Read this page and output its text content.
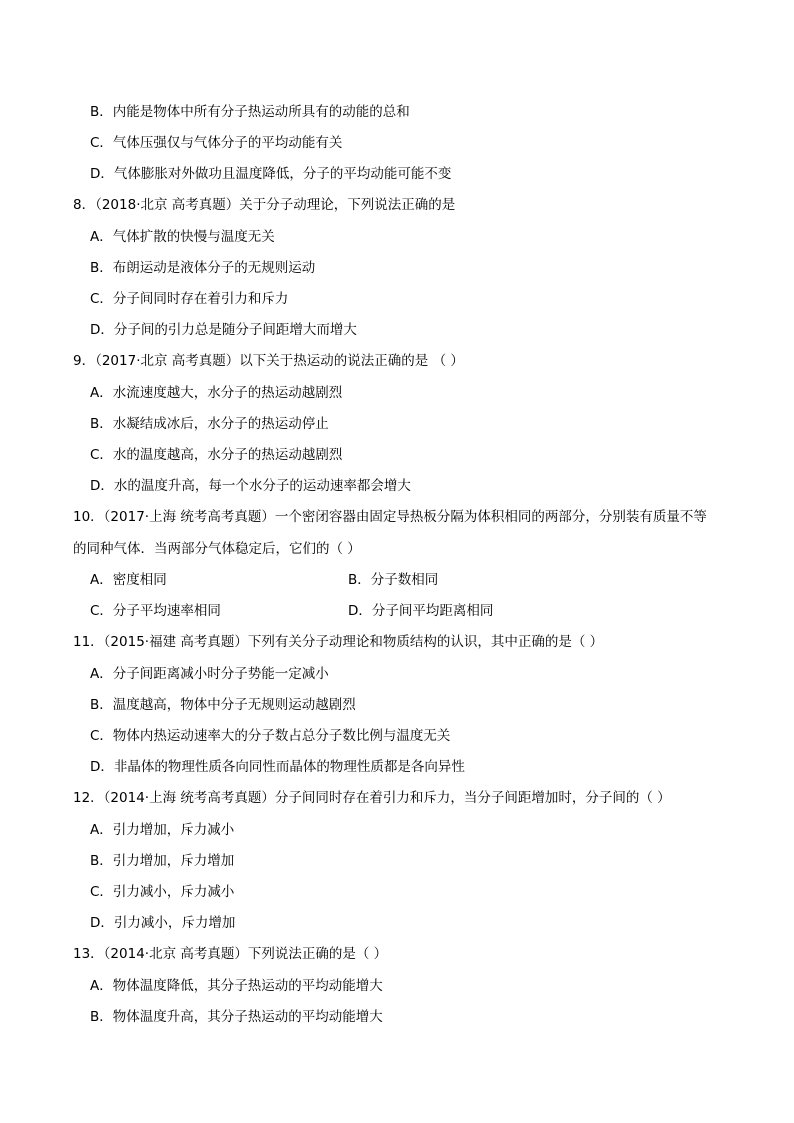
B．内能是物体中所有分子热运动所具有的动能的总和
C．气体压强仅与气体分子的平均动能有关
D．气体膨胀对外做功且温度降低，分子的平均动能可能不变
8．（2018·北京 高考真题）关于分子动理论，下列说法正确的是
A．气体扩散的快慢与温度无关
B．布朗运动是液体分子的无规则运动
C．分子间同时存在着引力和斥力
D．分子间的引力总是随分子间距增大而增大
9．（2017·北京 高考真题）以下关于热运动的说法正确的是 （ ）
A．水流速度越大，水分子的热运动越剧烈
B．水凝结成冰后，水分子的热运动停止
C．水的温度越高，水分子的热运动越剧烈
D．水的温度升高，每一个水分子的运动速率都会增大
10．（2017·上海 统考高考真题）一个密闭容器由固定导热板分隔为体积相同的两部分，分别装有质量不等
的同种气体．当两部分气体稳定后，它们的（ ）
A．密度相同	B．分子数相同
C．分子平均速率相同	D．分子间平均距离相同
11．（2015·福建 高考真题）下列有关分子动理论和物质结构的认识，其中正确的是（ ）
A．分子间距离减小时分子势能一定减小
B．温度越高，物体中分子无规则运动越剧烈
C．物体内热运动速率大的分子数占总分子数比例与温度无关
D．非晶体的物理性质各向同性而晶体的物理性质都是各向异性
12．（2014·上海 统考高考真题）分子间同时存在着引力和斥力，当分子间距增加时，分子间的（ ）
A．引力增加，斥力减小
B．引力增加，斥力增加
C．引力减小，斥力减小
D．引力减小，斥力增加
13．（2014·北京 高考真题）下列说法正确的是（ ）
A．物体温度降低，其分子热运动的平均动能增大
B．物体温度升高，其分子热运动的平均动能增大
